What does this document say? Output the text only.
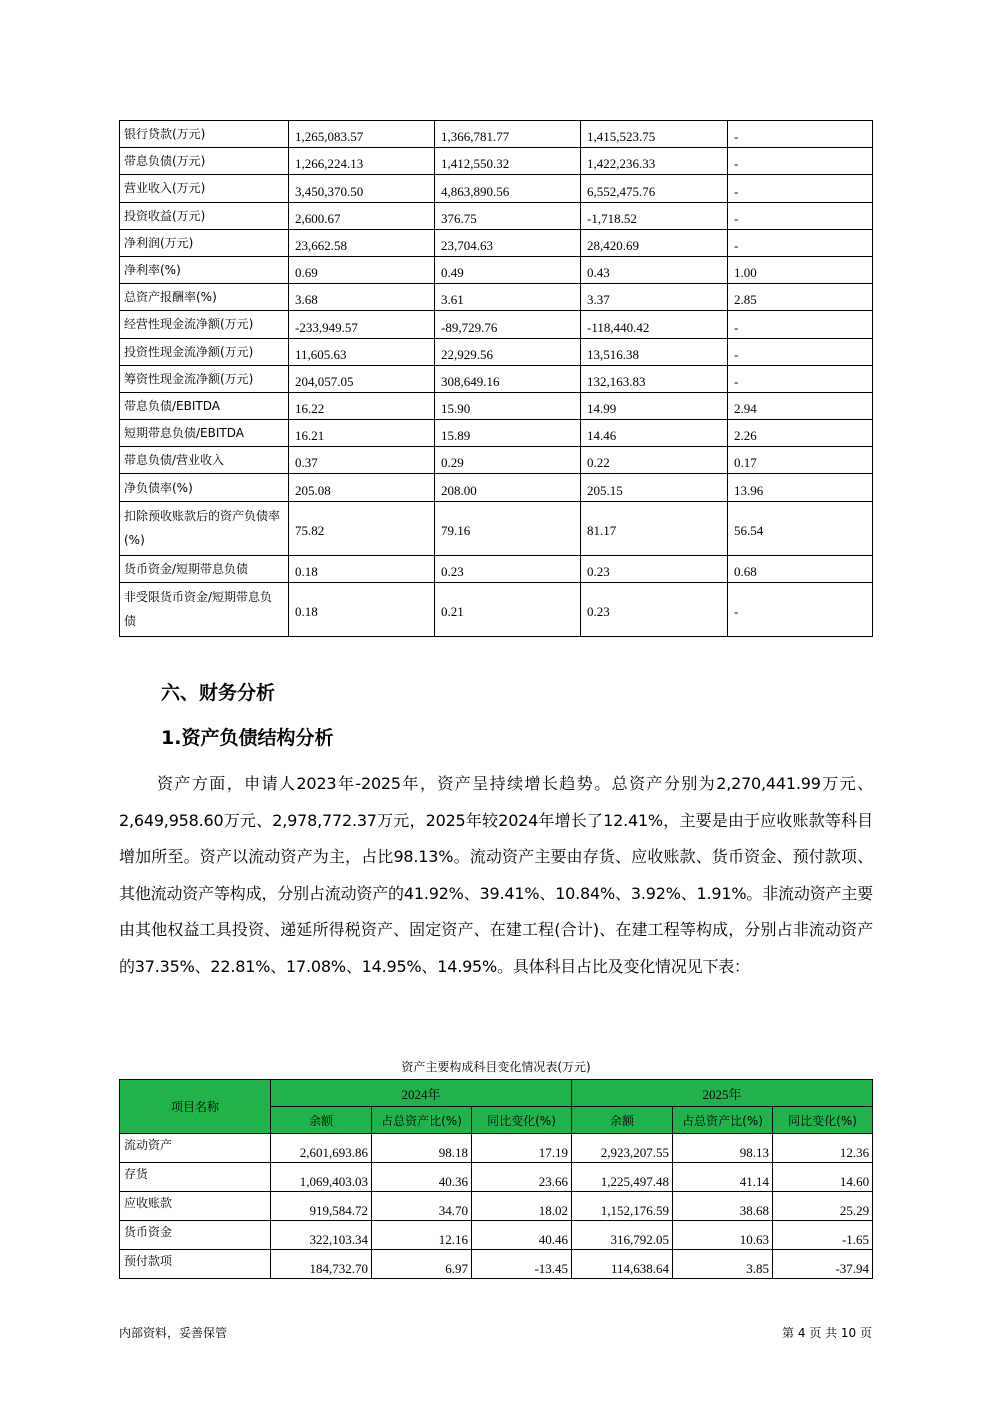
银行贷款(万元)	1,265,083.57	1,366,781.77	1,415,523.75	-
带息负债(万元)	1,266,224.13	1,412,550.32	1,422,236.33	-
营业收入(万元)	3,450,370.50	4,863,890.56	6,552,475.76	-
投资收益(万元)	2,600.67	376.75	-1,718.52	-
净利润(万元)	23,662.58	23,704.63	28,420.69	-
净利率(%)	0.69	0.49	0.43	1.00
总资产报酬率(%)	3.68	3.61	3.37	2.85
经营性现金流净额(万元)	-233,949.57	-89,729.76	-118,440.42	-
投资性现金流净额(万元)	11,605.63	22,929.56	13,516.38	-
筹资性现金流净额(万元)	204,057.05	308,649.16	132,163.83	-
带息负债/EBITDA	16.22	15.90	14.99	2.94
短期带息负债/EBITDA	16.21	15.89	14.46	2.26
带息负债/营业收入	0.37	0.29	0.22	0.17
净负债率(%)	205.08	208.00	205.15	13.96
扣除预收账款后的资产负债率(%)	75.82	79.16	81.17	56.54
货币资金/短期带息负债	0.18	0.23	0.23	0.68
非受限货币资金/短期带息负债	0.18	0.21	0.23	-
六、财务分析
1.资产负债结构分析

资产方面，申请人2023年-2025年，资产呈持续增长趋势。总资产分别为2,270,441.99万元、2,649,958.60万元、2,978,772.37万元，2025年较2024年增长了12.41%，主要是由于应收账款等科目增加所至。资产以流动资产为主，占比98.13%。流动资产主要由存货、应收账款、货币资金、预付款项、其他流动资产等构成，分别占流动资产的41.92%、39.41%、10.84%、3.92%、1.91%。非流动资产主要由其他权益工具投资、递延所得税资产、固定资产、在建工程(合计)、在建工程等构成，分别占非流动资产的37.35%、22.81%、17.08%、14.95%、14.95%。具体科目占比及变化情况见下表：

资产主要构成科目变化情况表(万元)
项目名称	2024年			2025年		
	余额	占总资产比(%)	同比变化(%)	余额	占总资产比(%)	同比变化(%)
流动资产	2,601,693.86	98.18	17.19	2,923,207.55	98.13	12.36
存货	1,069,403.03	40.36	23.66	1,225,497.48	41.14	14.60
应收账款	919,584.72	34.70	18.02	1,152,176.59	38.68	25.29
货币资金	322,103.34	12.16	40.46	316,792.05	10.63	-1.65
预付款项	184,732.70	6.97	-13.45	114,638.64	3.85	-37.94
内部资料，妥善保管	第 4 页 共 10 页
